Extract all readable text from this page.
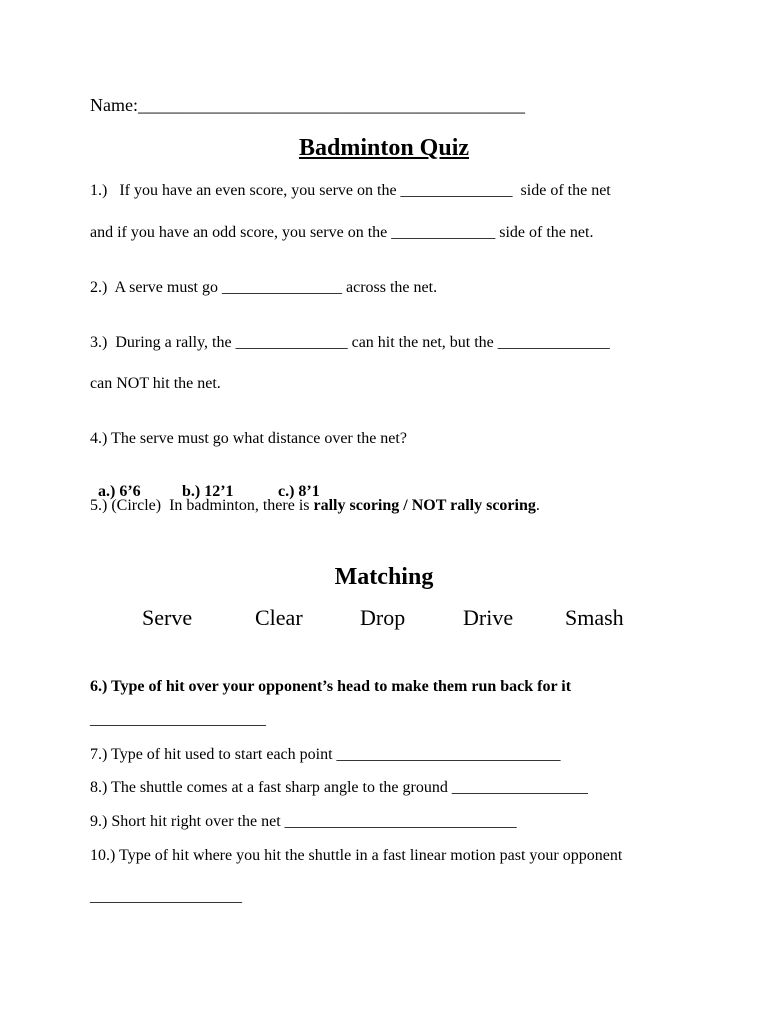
Name:___________________________________________
Badminton Quiz
1.)   If you have an even score, you serve on the ______________  side of the net
and if you have an odd score, you serve on the _____________ side of the net.
2.)  A serve must go _______________ across the net.
3.)  During a rally, the ______________ can hit the net, but the ______________
can NOT hit the net.
4.) The serve must go what distance over the net?

a.) 6’6	b.) 12’1	c.) 8’1

5.) (Circle)  In badminton, there is rally scoring / NOT rally scoring.
Matching
Serve	Clear	Drop	Drive Smash
6.) Type of hit over your opponent’s head to make them run back for it
______________________
7.) Type of hit used to start each point ____________________________
8.) The shuttle comes at a fast sharp angle to the ground _________________
9.) Short hit right over the net _____________________________
10.) Type of hit where you hit the shuttle in a fast linear motion past your opponent
___________________
